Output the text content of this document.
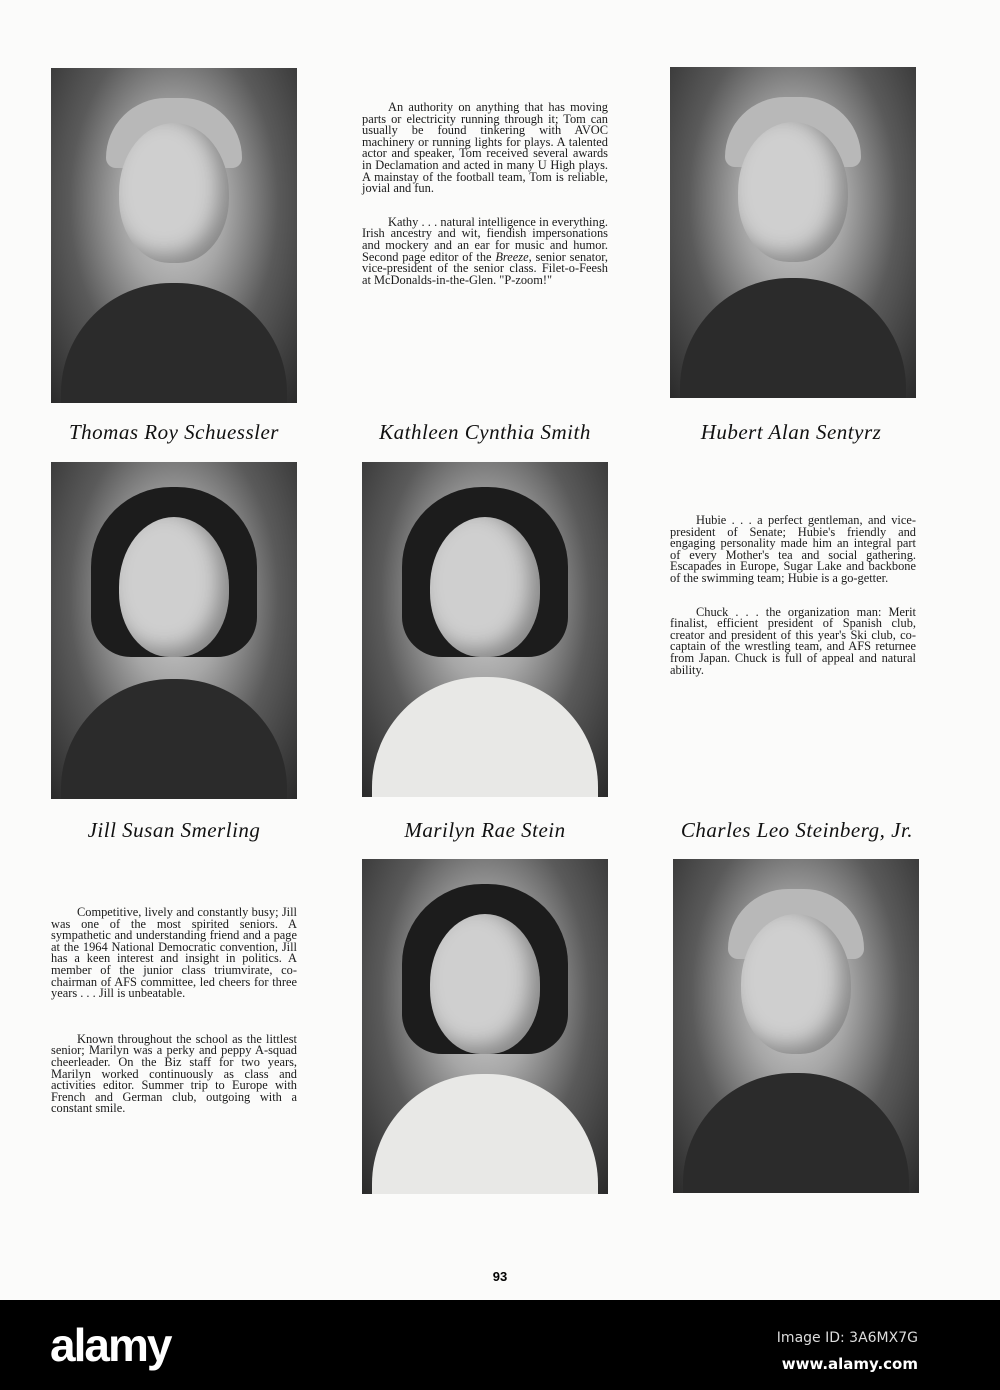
Thomas Roy Schuessler	Kathleen Cynthia Smith	Hubert Alan Sentyrz
Jill Susan Smerling	Marilyn Rae Stein	Charles Leo Steinberg, Jr.

An authority on anything that has moving parts or electricity running through it; Tom can usually be found tinkering with AVOC machinery or running lights for plays. A talented actor and speaker, Tom received several awards in Declamation and acted in many U High plays. A mainstay of the football team, Tom is reliable, jovial and fun.

Kathy . . . natural intelligence in everything. Irish ancestry and wit, fiendish impersonations and mockery and an ear for music and humor. Second page editor of the Breeze, senior senator, vice-president of the senior class. Filet-o-Feesh at McDonalds-in-the-Glen. "P-zoom!"

Hubie . . . a perfect gentleman, and vice-president of Senate; Hubie's friendly and engaging personality made him an integral part of every Mother's tea and social gathering. Escapades in Europe, Sugar Lake and backbone of the swimming team; Hubie is a go-getter.

Chuck . . . the organization man: Merit finalist, efficient president of Spanish club, creator and president of this year's Ski club, co-captain of the wrestling team, and AFS returnee from Japan. Chuck is full of appeal and natural ability.

Competitive, lively and constantly busy; Jill was one of the most spirited seniors. A sympathetic and understanding friend and a page at the 1964 National Democratic convention, Jill has a keen interest and insight in politics. A member of the junior class triumvirate, co-chairman of AFS committee, led cheers for three years . . . Jill is unbeatable.

Known throughout the school as the littlest senior; Marilyn was a perky and peppy A-squad cheerleader. On the Biz staff for two years, Marilyn worked continuously as class and activities editor. Summer trip to Europe with French and German club, outgoing with a constant smile.

93
alamy	Image ID: 3A6MX7G
www.alamy.com
